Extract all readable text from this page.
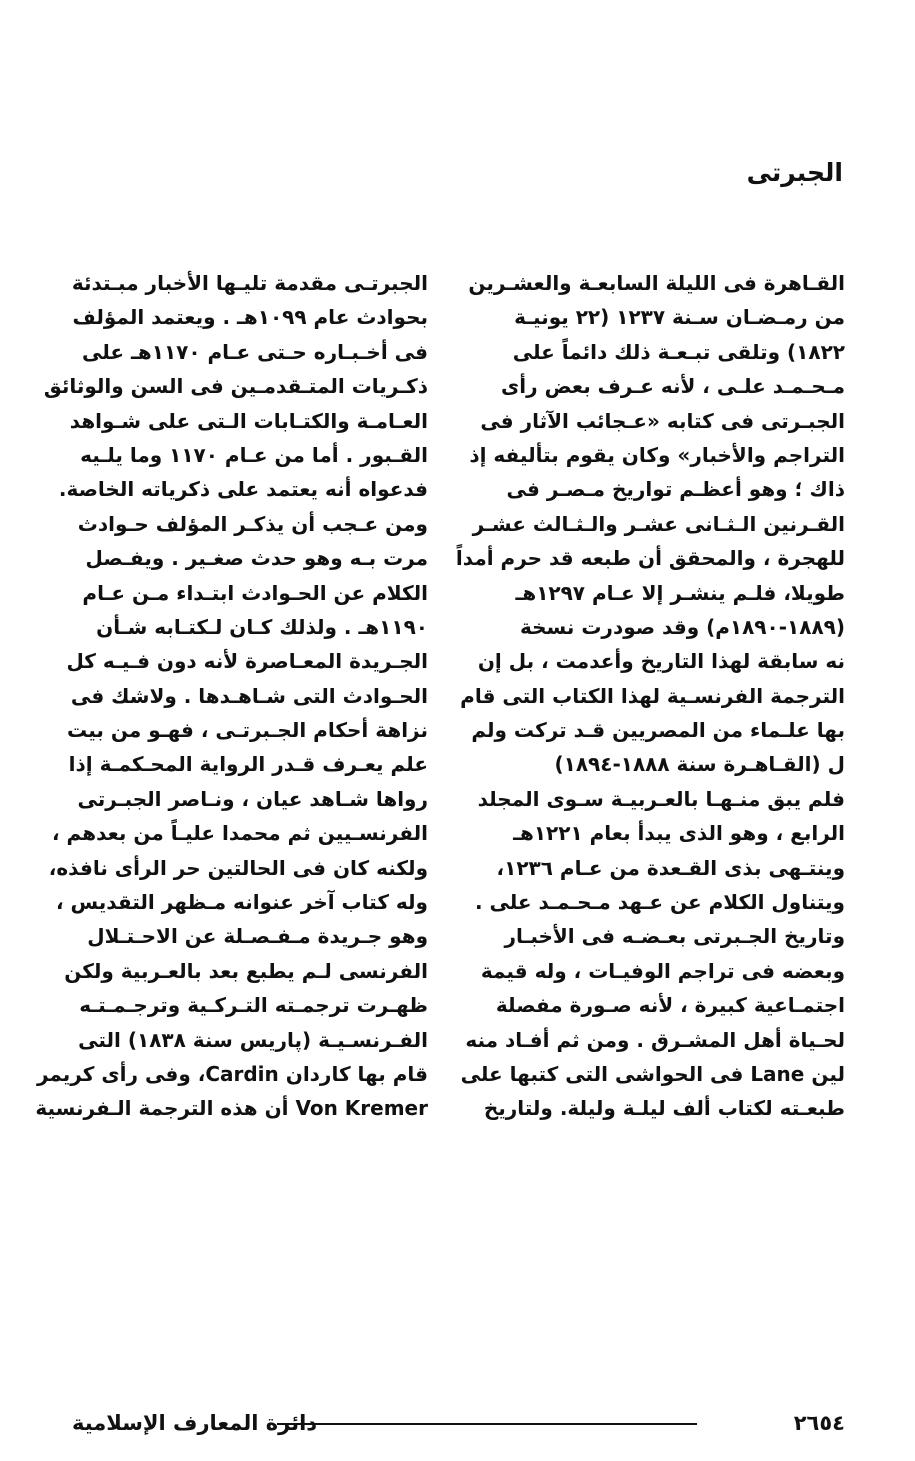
الجبرتى
القـاهرة فى الليلة السابعـة والعشـرين
من رمـضـان سـنة ١٢٣٧ (٢٢ يونيـة
١٨٢٢) وتلقى تبـعـة ذلك دائماً على
مـحـمـد علـى ، لأنه عـرف بعض رأى
الجبـرتى فى كتابه «عـجائب الآثار فى
التراجم والأخبار» وكان يقوم بتأليفه إذ
ذاك ؛ وهو أعظـم تواريخ مـصـر فى
القـرنين الـثـانى عشـر والـثـالث عشـر
للهجرة ، والمحقق أن طبعه قد حرم أمداً
طويلا، فلـم ينشـر إلا عـام ١٢٩٧هـ
(١٨٨٩-١٨٩٠م) وقد صودرت نسخة
نه سابقة لهذا التاريخ وأعدمت ، بل إن
الترجمة الفرنسـية لهذا الكتاب التى قام
بها علـماء من المصريين قـد تركت ولم
ل (القـاهـرة سنة ١٨٨٨-١٨٩٤)
فلم يبق منـهـا بالعـربيـة سـوى المجلد
الرابع ، وهو الذى يبدأ بعام ١٢٢١هـ
وينتـهى بذى القـعدة من عـام ١٢٣٦،
ويتناول الكلام عن عـهد مـحـمـد على .
وتاريخ الجـبرتى بعـضـه فى الأخبـار
وبعضه فى تراجم الوفيـات ، وله قيمة
اجتمـاعية كبيرة ، لأنه صـورة مفصلة
لحـياة أهل المشـرق . ومن ثم أفـاد منه
لين Lane فى الحواشى التى كتبها على
طبعـته لكتاب ألف ليلـة وليلة. ولتاريخ
الجبرتـى مقدمة تليـها الأخبار مبـتدئة
بحوادث عام ١٠٩٩هـ . ويعتمد المؤلف
فى أخـبـاره حـتى عـام ١١٧٠هـ على
ذكـريات المتـقدمـين فى السن والوثائق
العـامـة والكتـابات الـتى على شـواهد
القـبور . أما من عـام ١١٧٠ وما يلـيه
فدعواه أنه يعتمد على ذكرياته الخاصة.
ومن عـجب أن يذكـر المؤلف حـوادث
مرت بـه وهو حدث صغـير . ويفـصل
الكلام عن الحـوادث ابتـداء مـن عـام
١١٩٠هـ . ولذلك كـان لـكتـابه شـأن
الجـريدة المعـاصرة لأنه دون فـيـه كل
الحـوادث التى شـاهـدها . ولاشك فى
نزاهة أحكام الجـبرتـى ، فهـو من بيت
علم يعـرف قـدر الرواية المحـكمـة إذا
رواها شـاهد عيان ، ونـاصر الجبـرتى
الفرنسـيين ثم محمدا عليـاً من بعدهم ،
ولكنه كان فى الحالتين حر الرأى نافذه،
وله كتاب آخر عنوانه مـظهر التقديس ،
وهو جـريدة مـفـصـلة عن الاحـتـلال
الفرنسى لـم يطبع بعد بالعـربية ولكن
ظهـرت ترجمـته التـركـية وترجـمـتـه
الفـرنسـيـة (پاريس سنة ١٨٣٨) التى
قام بها كاردان Cardin، وفى رأى كريمر
Von Kremer أن هذه الترجمة الـفرنسية
٢٦٥٤
دائرة المعارف الإسلامية
